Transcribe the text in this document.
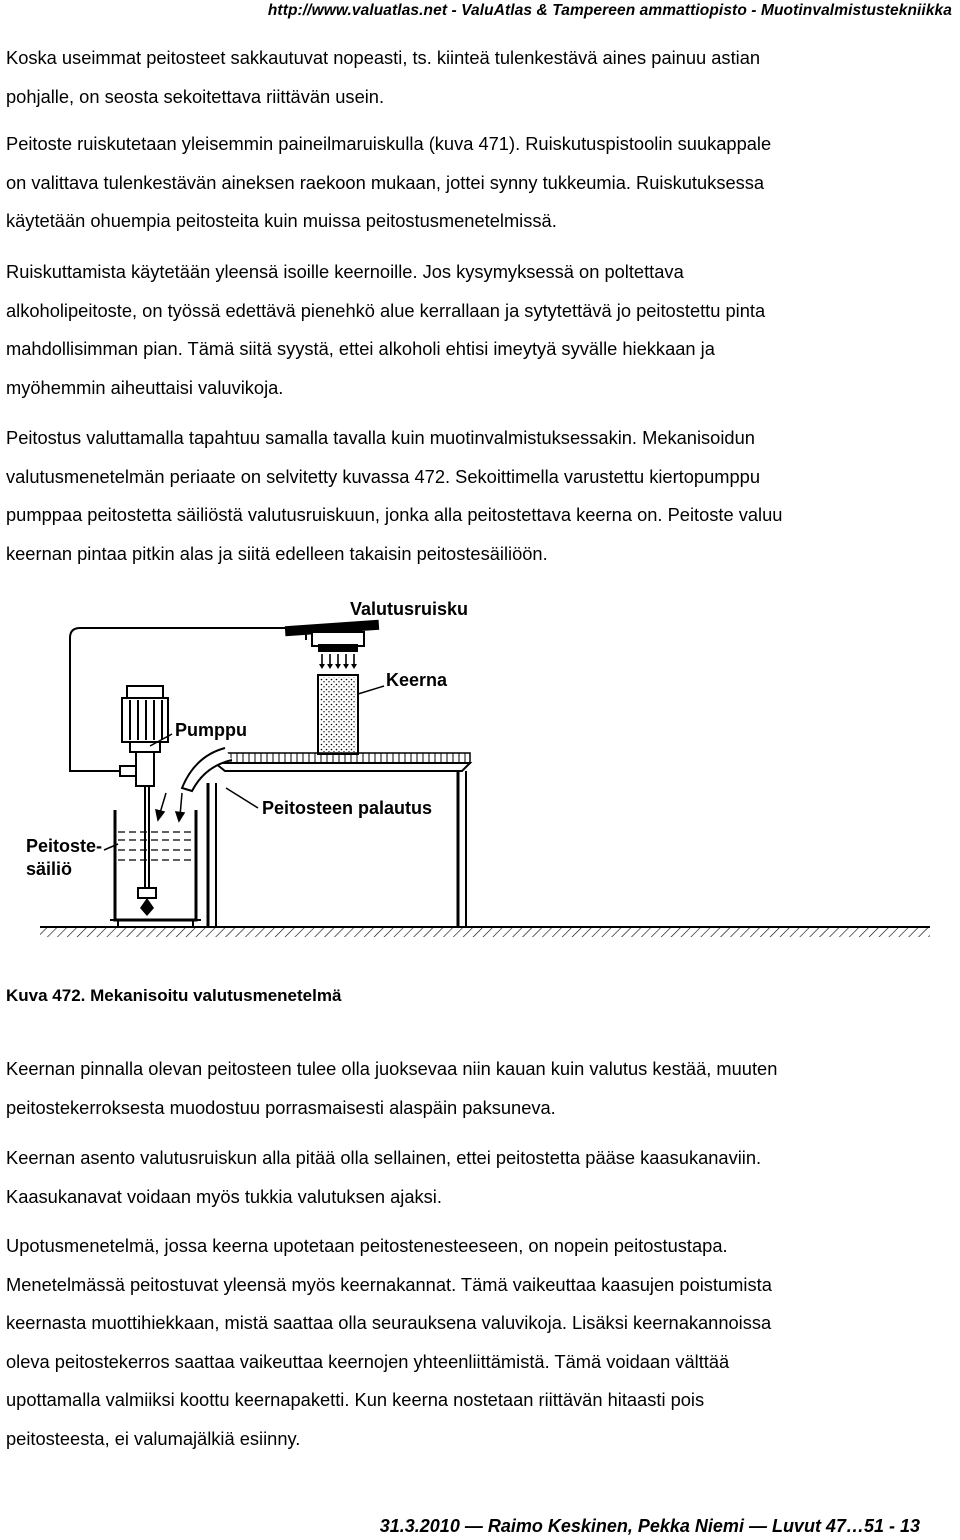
http://www.valuatlas.net - ValuAtlas & Tampereen ammattiopisto - Muotinvalmistustekniikka
Koska useimmat peitosteet sakkautuvat nopeasti, ts. kiinteä tulenkestävä aines painuu astian
pohjalle, on seosta sekoitettava riittävän usein.
Peitoste ruiskutetaan yleisemmin paineilmaruiskulla (kuva 471). Ruiskutuspistoolin suukappale
on valittava tulenkestävän aineksen raekoon mukaan, jottei synny tukkeumia. Ruiskutuksessa
käytetään ohuempia peitosteita kuin muissa peitostusmenetelmissä.
Ruiskuttamista käytetään yleensä isoille keernoille. Jos kysymyksessä on poltettava
alkoholipeitoste, on työssä edettävä pienehkö alue kerrallaan ja sytytettävä jo peitostettu pinta
mahdollisimman pian. Tämä siitä syystä, ettei alkoholi ehtisi imeytyä syvälle hiekkaan ja
myöhemmin aiheuttaisi valuvikoja.
Peitostus valuttamalla tapahtuu samalla tavalla kuin muotinvalmistuksessakin. Mekanisoidun
valutusmenetelmän periaate on selvitetty kuvassa 472. Sekoittimella varustettu kiertopumppu
pumppaa peitostetta säiliöstä valutusruiskuun, jonka alla peitostettava keerna on. Peitoste valuu
keernan pintaa pitkin alas ja siitä edelleen takaisin peitostesäiliöön.
Valutusruisku
Keerna
Peitosteen palautus
Pumppu
Peitoste-
säiliö
Kuva 472. Mekanisoitu valutusmenetelmä
Keernan pinnalla olevan peitosteen tulee olla juoksevaa niin kauan kuin valutus kestää, muuten
peitostekerroksesta muodostuu porrasmaisesti alaspäin paksuneva.
Keernan asento valutusruiskun alla pitää olla sellainen, ettei peitostetta pääse kaasukanaviin.
Kaasukanavat voidaan myös tukkia valutuksen ajaksi.
Upotusmenetelmä, jossa keerna upotetaan peitostenesteeseen, on nopein peitostustapa.
Menetelmässä peitostuvat yleensä myös keernakannat. Tämä vaikeuttaa kaasujen poistumista
keernasta muottihiekkaan, mistä saattaa olla seurauksena valuvikoja. Lisäksi keernakannoissa
oleva peitostekerros saattaa vaikeuttaa keernojen yhteenliittämistä. Tämä voidaan välttää
upottamalla valmiiksi koottu keernapaketti. Kun keerna nostetaan riittävän hitaasti pois
peitosteesta, ei valumajälkiä esiinny.
31.3.2010 — Raimo Keskinen, Pekka Niemi — Luvut 47…51 - 13
